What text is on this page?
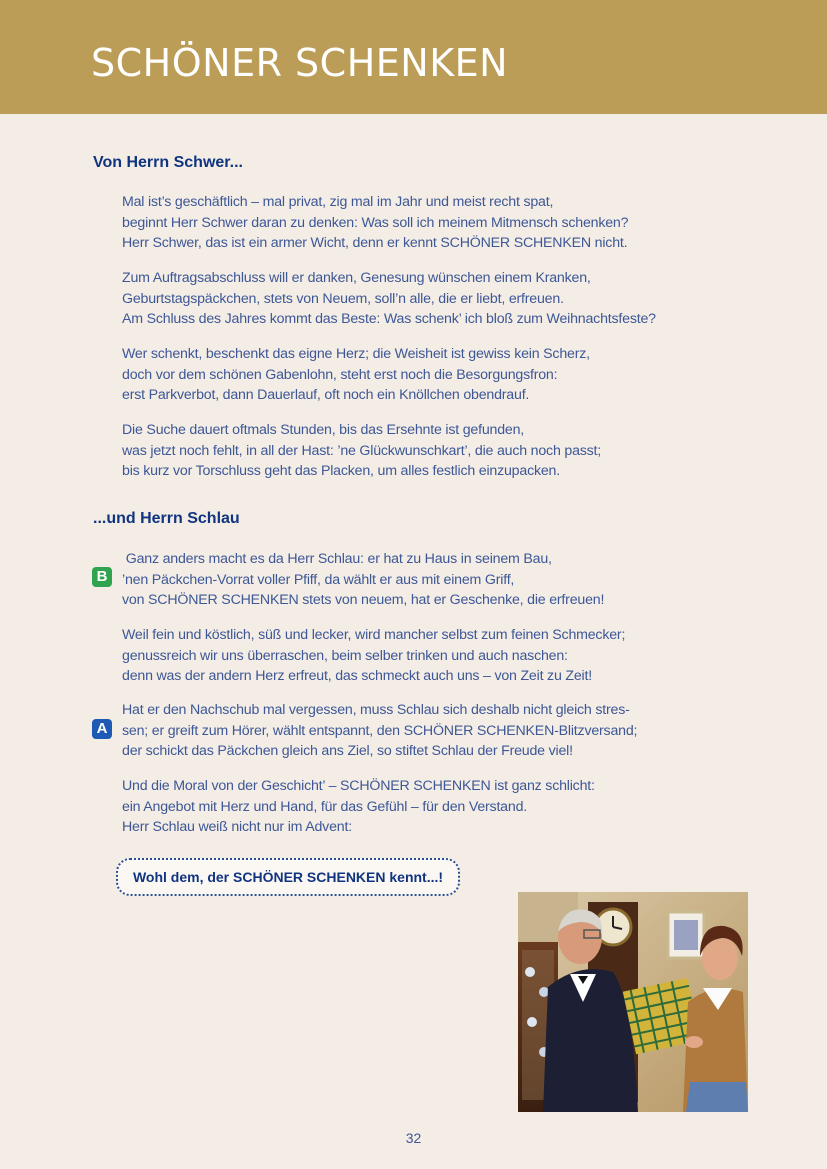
SCHÖNER SCHENKEN
Von Herrn Schwer...

Mal ist’s geschäftlich – mal privat, zig mal im Jahr und meist recht spat,
beginnt Herr Schwer daran zu denken: Was soll ich meinem Mitmensch schenken?
Herr Schwer, das ist ein armer Wicht, denn er kennt SCHÖNER SCHENKEN nicht.

Zum Auftragsabschluss will er danken, Genesung wünschen einem Kranken,
Geburtstagspäckchen, stets von Neuem, soll’n alle, die er liebt, erfreuen.
Am Schluss des Jahres kommt das Beste: Was schenk’ ich bloß zum Weihnachtsfeste?

Wer schenkt, beschenkt das eigne Herz; die Weisheit ist gewiss kein Scherz,
doch vor dem schönen Gabenlohn, steht erst noch die Besorgungsfron:
erst Parkverbot, dann Dauerlauf, oft noch ein Knöllchen obendrauf.

Die Suche dauert oftmals Stunden, bis das Ersehnte ist gefunden,
was jetzt noch fehlt, in all der Hast: ’ne Glückwunschkart’, die auch noch passt;
bis kurz vor Torschluss geht das Placken, um alles festlich einzupacken.

...und Herrn Schlau
B

Ganz anders macht es da Herr Schlau: er hat zu Haus in seinem Bau,
’nen Päckchen-Vorrat voller Pfiff, da wählt er aus mit einem Griff,
von SCHÖNER SCHENKEN stets von neuem, hat er Geschenke, die erfreuen!

Weil fein und köstlich, süß und lecker, wird mancher selbst zum feinen Schmecker;
genussreich wir uns überraschen, beim selber trinken und auch naschen:
denn was der andern Herz erfreut, das schmeckt auch uns – von Zeit zu Zeit!

A

Hat er den Nachschub mal vergessen, muss Schlau sich deshalb nicht gleich stres-
sen; er greift zum Hörer, wählt entspannt, den SCHÖNER SCHENKEN-Blitzversand;
der schickt das Päckchen gleich ans Ziel, so stiftet Schlau der Freude viel!

Und die Moral von der Geschicht’ – SCHÖNER SCHENKEN ist ganz schlicht:
ein Angebot mit Herz und Hand, für das Gefühl – für den Verstand.
Herr Schlau weiß nicht nur im Advent:

Wohl dem, der SCHÖNER SCHENKEN kennt...!
32
